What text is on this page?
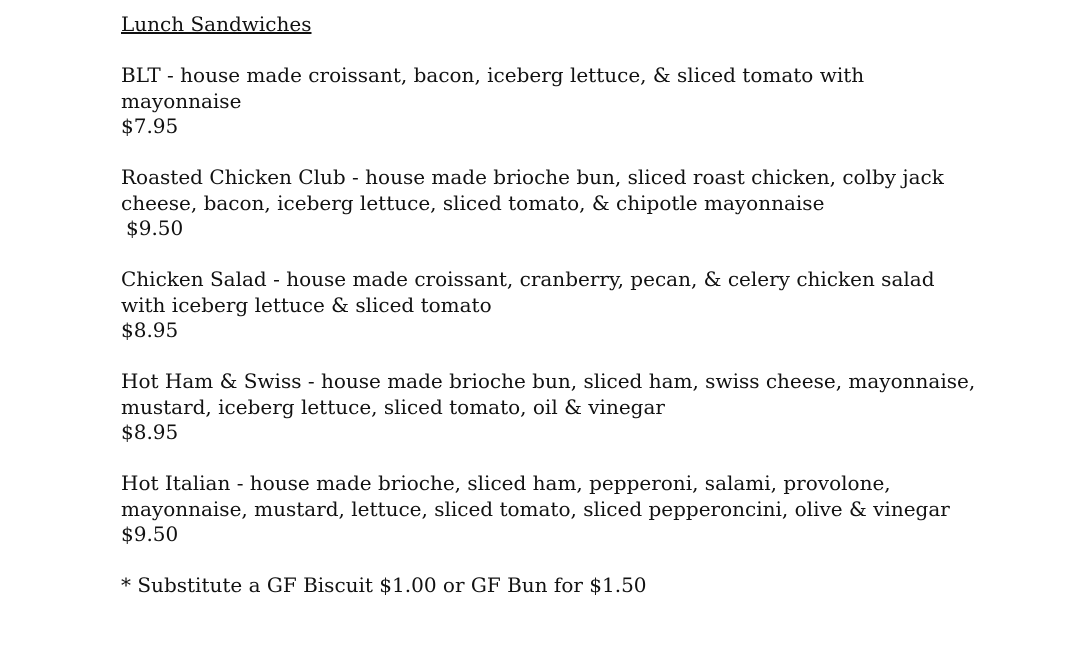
Lunch Sandwiches
BLT - house made croissant, bacon, iceberg lettuce, & sliced tomato with mayonnaise
$7.95
Roasted Chicken Club - house made brioche bun, sliced roast chicken, colby jack cheese, bacon, iceberg lettuce, sliced tomato, & chipotle mayonnaise
$9.50
Chicken Salad - house made croissant, cranberry, pecan, & celery chicken salad with iceberg lettuce & sliced tomato
$8.95
Hot Ham & Swiss - house made brioche bun, sliced ham, swiss cheese, mayonnaise, mustard, iceberg lettuce, sliced tomato, oil & vinegar
$8.95
Hot Italian - house made brioche, sliced ham, pepperoni, salami, provolone, mayonnaise, mustard, lettuce, sliced tomato, sliced pepperoncini, olive & vinegar
$9.50
* Substitute a GF Biscuit $1.00 or GF Bun for $1.50
